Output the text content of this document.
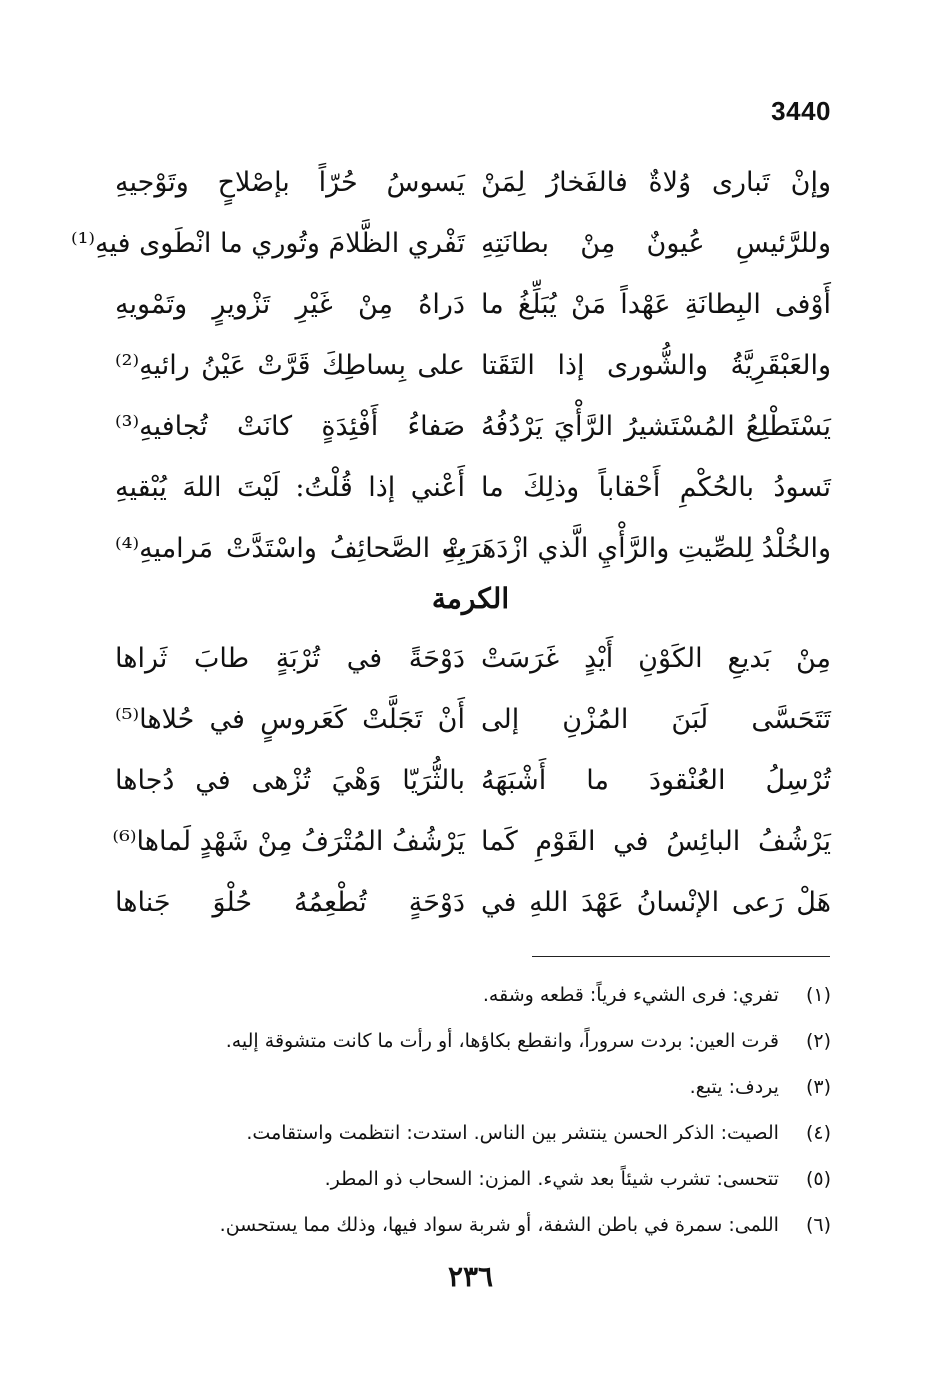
3440
وإنْ تَبارى وُلاةٌ فالفَخارُ لِمَنْ
يَسوسُ حُرّاً بإصْلاحٍ وتَوْجيهِ
وللرَّئيسِ عُيونٌ مِنْ بطانَتِهِ
تَفْري الظَّلامَ وتُوري ما انْطَوى فيهِ⁽¹⁾
أَوْفى البِطانَةِ عَهْداً مَنْ يُبَلِّغُ ما
دَراهُ مِنْ غَيْرِ تَزْويرٍ وتَمْويهِ
والعَبْقَرِيَّةُ والشُّورى إذا التَقَتا
على بِساطِكَ قَرَّتْ عَيْنُ رائيهِ⁽²⁾
يَسْتَطْلِعُ المُسْتَشيرُ الرَّأْيَ يَرْدُفُهُ
صَفاءُ أَفْئِدَةٍ كانَتْ تُجافيهِ⁽³⁾
تَسودُ بالحُكْمِ أَحْقاباً وذلِكَ ما
أَعْني إذا قُلْتُ: لَيْتَ اللهَ يُبْقيهِ
والخُلْدُ لِلصِّيتِ والرَّأْيِ الَّذي ازْدَهَرَتْ
بِهِ الصَّحائِفُ واسْتَدَّتْ مَراميهِ⁽⁴⁾
الكرمة
مِنْ بَديعِ الكَوْنِ أَيْدٍ غَرَسَتْ
دَوْحَةً في تُرْبَةٍ طابَ ثَراها
تَتَحَسَّى لَبَنَ المُزْنِ إلى
أَنْ تَجَلَّتْ كَعَروسٍ في حُلاها⁽⁵⁾
تُرْسِلُ العُنْقودَ ما أَشْبَهَهُ
بالثُّرَيّا وَهْيَ تُزْهى في دُجاها
يَرْشُفُ البائِسُ في القَوْمِ كَما
يَرْشُفُ المُتْرَفُ مِنْ شَهْدٍ لَماها⁽⁶⁾
هَلْ رَعى الإنْسانُ عَهْدَ اللهِ في
دَوْحَةٍ تُطْعِمُهُ حُلْوَ جَناها
(١) تفري: فرى الشيء فرياً: قطعه وشقه.
(٢) قرت العين: بردت سروراً، وانقطع بكاؤها، أو رأت ما كانت متشوقة إليه.
(٣) يردف: يتبع.
(٤) الصيت: الذكر الحسن ينتشر بين الناس. استدت: انتظمت واستقامت.
(٥) تتحسى: تشرب شيئاً بعد شيء. المزن: السحاب ذو المطر.
(٦) اللمى: سمرة في باطن الشفة، أو شربة سواد فيها، وذلك مما يستحسن.
٢٣٦
